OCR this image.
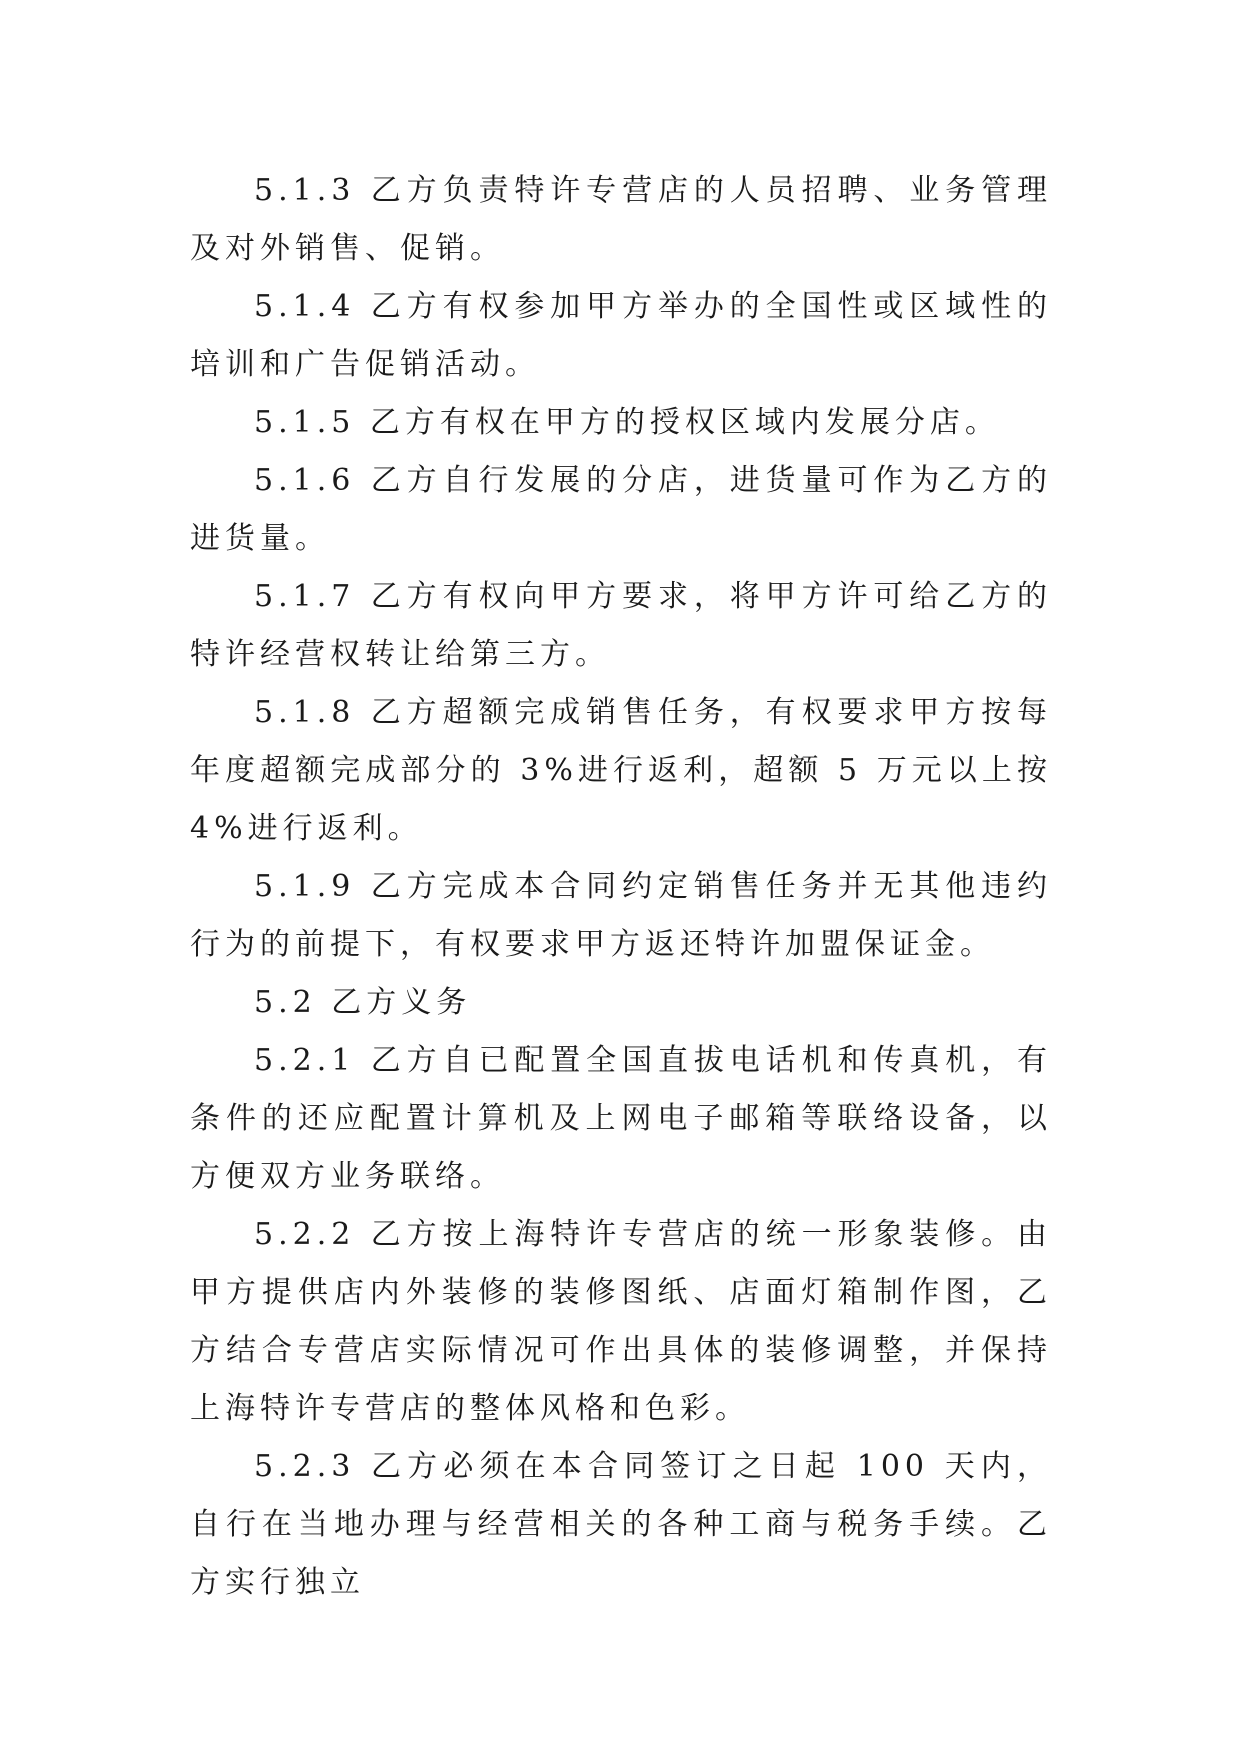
5.1.3 乙方负责特许专营店的人员招聘、业务管理及对外销售、促销。

5.1.4 乙方有权参加甲方举办的全国性或区域性的培训和广告促销活动。

5.1.5 乙方有权在甲方的授权区域内发展分店。

5.1.6 乙方自行发展的分店，进货量可作为乙方的进货量。

5.1.7 乙方有权向甲方要求，将甲方许可给乙方的特许经营权转让给第三方。

5.1.8 乙方超额完成销售任务，有权要求甲方按每年度超额完成部分的 3%进行返利，超额 5 万元以上按 4%进行返利。

5.1.9 乙方完成本合同约定销售任务并无其他违约行为的前提下，有权要求甲方返还特许加盟保证金。

5.2 乙方义务

5.2.1 乙方自已配置全国直拔电话机和传真机，有条件的还应配置计算机及上网电子邮箱等联络设备，以方便双方业务联络。

5.2.2 乙方按上海特许专营店的统一形象装修。由甲方提供店内外装修的装修图纸、店面灯箱制作图，乙方结合专营店实际情况可作出具体的装修调整，并保持上海特许专营店的整体风格和色彩。

5.2.3 乙方必须在本合同签订之日起 100 天内，自行在当地办理与经营相关的各种工商与税务手续。乙方实行独立
